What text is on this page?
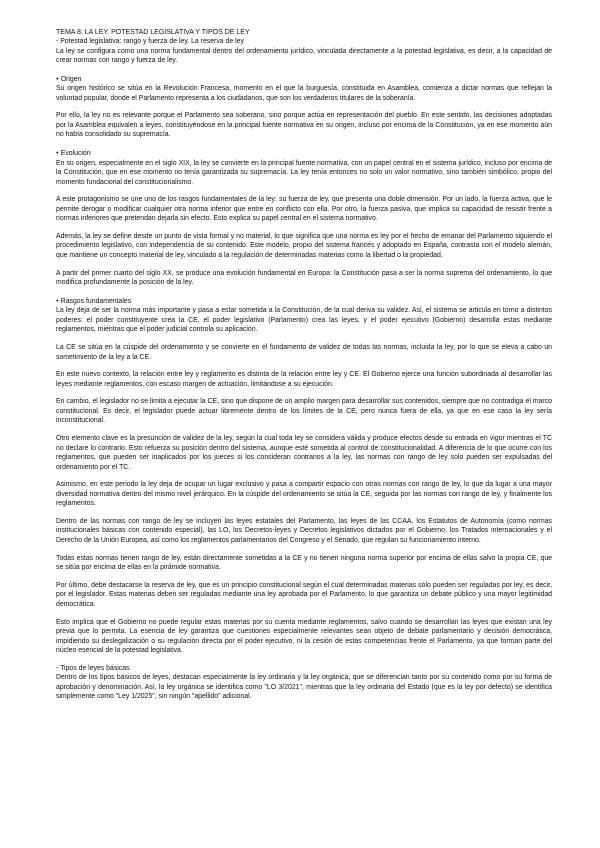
TEMA 8: LA LEY. POTESTAD LEGISLATIVA Y TIPOS DE LEY
- Potestad legislativa: rango y fuerza de ley. La reserva de ley

La ley se configura como una norma fundamental dentro del ordenamiento jurídico, vinculada directamente a la potestad legislativa, es decir, a la capacidad de crear normas con rango y fuerza de ley.

● Origen

Su origen histórico se sitúa en la Revolución Francesa, momento en el que la burguesía, constituida en Asamblea, comienza a dictar normas que reflejan la voluntad popular, donde el Parlamento representa a los ciudadanos, que son los verdaderos titulares de la soberanía.

Por ello, la ley no es relevante porque el Parlamento sea soberano, sino porque actúa en representación del pueblo. En este sentido, las decisiones adoptadas por la Asamblea equivalen a leyes, constituyéndose en la principal fuente normativa en su origen, incluso por encima de la Constitución, ya en ese momento aún no había consolidado su supremacía.

● Evolución

En su origen, especialmente en el siglo XIX, la ley se convierte en la principal fuente normativa, con un papel central en el sistema jurídico, incluso por encima de la Constitución, que en ese momento no tenía garantizada su supremacía. La ley tenía entonces no solo un valor normativo, sino también simbólico, propio del momento fundacional del constitucionalismo.

A este protagonismo se une uno de los rasgos fundamentales de la ley: su fuerza de ley, que presenta una doble dimensión. Por un lado, la fuerza activa, que le permite derogar o modificar cualquier otra norma inferior que entre en conflicto con ella. Por otro, la fuerza pasiva, que implica su capacidad de resistir frente a normas inferiores que pretendan dejarla sin efecto. Esto explica su papel central en el sistema normativo.

Además, la ley se define desde un punto de vista formal y no material, lo que significa que una norma es ley por el hecho de emanar del Parlamento siguiendo el procedimiento legislativo, con independencia de su contenido. Este modelo, propio del sistema francés y adoptado en España, contrasta con el modelo alemán, que mantiene un concepto material de ley, vinculado a la regulación de determinadas materias como la libertad o la propiedad.

A partir del primer cuarto del siglo XX, se produce una evolución fundamental en Europa: la Constitución pasa a ser la norma suprema del ordenamiento, lo que modifica profundamente la posición de la ley.

● Rasgos fundamentales

La ley deja de ser la norma más importante y pasa a estar sometida a la Constitución, de la cual deriva su validez. Así, el sistema se articula en torno a distintos poderes: el poder constituyente crea la CE, el poder legislativo (Parlamento) crea las leyes, y el poder ejecutivo (Gobierno) desarrolla estas mediante reglamentos, mientras que el poder judicial controla su aplicación.

La CE se sitúa en la cúspide del ordenamiento y se convierte en el fundamento de validez de todas las normas, incluida la ley, por lo que se eleva a cabo un sometimiento de la ley a la CE.

En este nuevo contexto, la relación entre ley y reglamento es distinta de la relación entre ley y CE. El Gobierno ejerce una función subordinada al desarrollar las leyes mediante reglamentos, con escaso margen de actuación, limitándose a su ejecución.

En cambio, el legislador no se limita a ejecutar la CE, sino que dispone de un amplio margen para desarrollar sus contenidos, siempre que no contradiga el marco constitucional. Es decir, el legislador puede actuar libremente dentro de los límites de la CE, pero nunca fuera de ella, ya que en ese caso la ley sería inconstitucional.

Otro elemento clave es la presunción de validez de la ley, según la cual toda ley se considera válida y produce efectos desde su entrada en vigor mientras el TC no declare lo contrario. Esto refuerza su posición dentro del sistema, aunque esté sometida al control de constitucionalidad. A diferencia de lo que ocurre con los reglamentos, que pueden ser inaplicados por los jueces si los consideran contrarios a la ley, las normas con rango de ley solo pueden ser expulsadas del ordenamiento por el TC.

Asimismo, en este periodo la ley deja de ocupar un lugar exclusivo y pasa a compartir espacio con otras normas con rango de ley, lo que da lugar a una mayor diversidad normativa dentro del mismo nivel jerárquico. En la cúspide del ordenamiento se sitúa la CE, seguida por las normas con rango de ley, y finalmente los reglamentos.

Dentro de las normas con rango de ley se incluyen las leyes estatales del Parlamento, las leyes de las CCAA, los Estatutos de Autonomía (como normas institucionales básicas con contenido especial), las LO, los Decretos-leyes y Decretos legislativos dictados por el Gobierno, los Tratados internacionales y el Derecho de la Unión Europea, así como los reglamentos parlamentarios del Congreso y el Senado, que regulan su funcionamiento interno.

Todas estas normas tienen rango de ley, están directamente sometidas a la CE y no tienen ninguna norma superior por encima de ellas salvo la propia CE, que se sitúa por encima de ellas en la pirámide normativa.

Por último, debe destacarse la reserva de ley, que es un principio constitucional según el cual determinadas materias sólo pueden ser reguladas por ley, es decir, por el legislador. Estas materias deben ser reguladas mediante una ley aprobada por el Parlamento, lo que garantiza un debate público y una mayor legitimidad democrática.

Esto implica que el Gobierno no puede regular estas materias por su cuenta mediante reglamentos, salvo cuando se desarrollan las leyes que existan una ley previa que lo permita. La esencia de ley garantiza que cuestiones especialmente relevantes sean objeto de debate parlamentario y decisión democrática, impidiendo su deslegalización o su regulación directa por el poder ejecutivo, ni la cesión de estas competencias frente el Parlamento, ya que forman parte del núcleo esencial de la potestad legislativa.

- Tipos de leyes básicas

Dentro de los tipos básicos de leyes, destacan especialmente la ley ordinaria y la ley orgánica, que se diferencian tanto por su contenido como por su forma de aprobación y denominación. Así, la ley orgánica se identifica como "LO 3/2021", mientras que la ley ordinaria del Estado (que es la ley por defecto) se identifica simplemente como "Ley 1/2025", sin ningún "apellido" adicional.
